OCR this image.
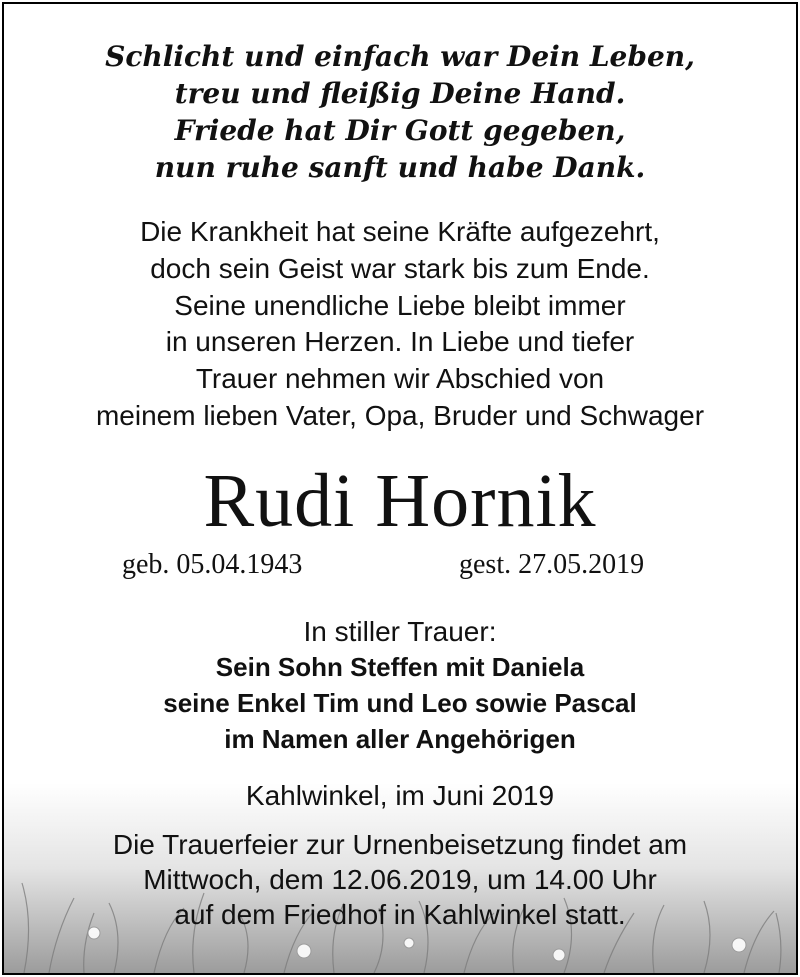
Schlicht und einfach war Dein Leben,
treu und fleißig Deine Hand.
Friede hat Dir Gott gegeben,
nun ruhe sanft und habe Dank.
Die Krankheit hat seine Kräfte aufgezehrt,
doch sein Geist war stark bis zum Ende.
Seine unendliche Liebe bleibt immer
in unseren Herzen. In Liebe und tiefer
Trauer nehmen wir Abschied von
meinem lieben Vater, Opa, Bruder und Schwager
Rudi Hornik
geb. 05.04.1943	gest. 27.05.2019
In stiller Trauer:
Sein Sohn Steffen mit Daniela
seine Enkel Tim und Leo sowie Pascal
im Namen aller Angehörigen
Kahlwinkel, im Juni 2019
Die Trauerfeier zur Urnenbeisetzung findet am
Mittwoch, dem 12.06.2019, um 14.00 Uhr
auf dem Friedhof in Kahlwinkel statt.
